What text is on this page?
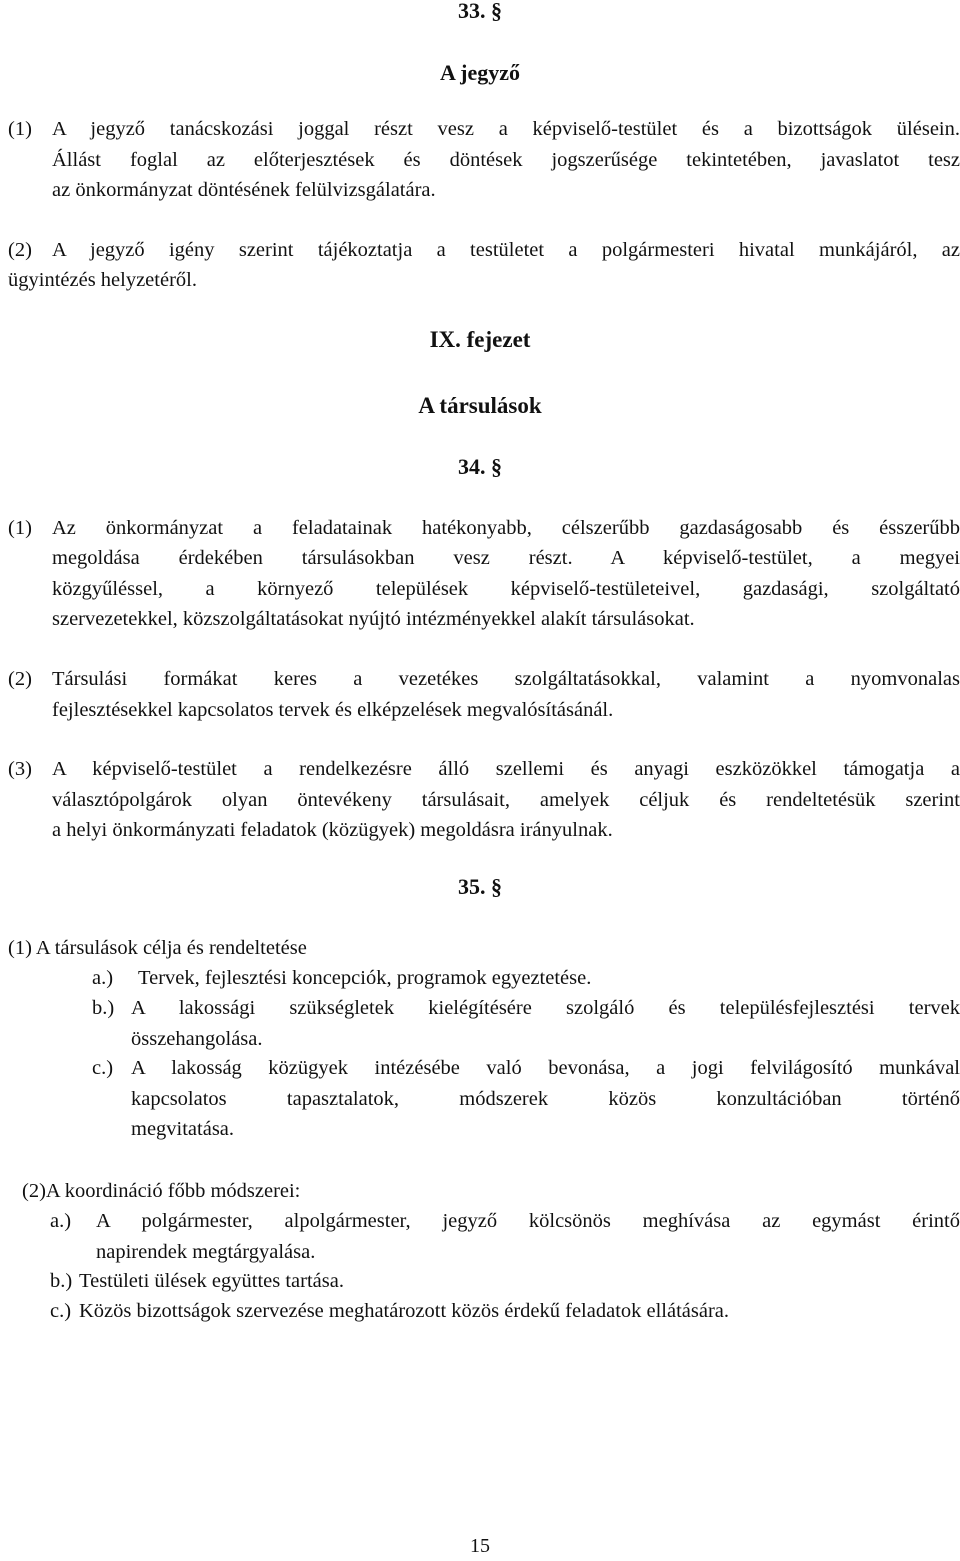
33. §
A jegyző
(1) A jegyző tanácskozási joggal részt vesz a képviselő-testület és a bizottságok ülésein.
Állást foglal az előterjesztések és döntések jogszerűsége tekintetében, javaslatot tesz
az önkormányzat döntésének felülvizsgálatára.
(2) A jegyző igény szerint tájékoztatja a testületet a polgármesteri hivatal munkájáról, az
ügyintézés helyzetéről.
IX. fejezet
A társulások
34. §
(1) Az önkormányzat a feladatainak hatékonyabb, célszerűbb gazdaságosabb és ésszerűbb
megoldása érdekében társulásokban vesz részt. A képviselő-testület, a megyei
közgyűléssel, a környező települések képviselő-testületeivel, gazdasági, szolgáltató
szervezetekkel, közszolgáltatásokat nyújtó intézményekkel alakít társulásokat.
(2) Társulási formákat keres a vezetékes szolgáltatásokkal, valamint a nyomvonalas
fejlesztésekkel kapcsolatos tervek és elképzelések megvalósításánál.
(3) A képviselő-testület a rendelkezésre álló szellemi és anyagi eszközökkel támogatja a
választópolgárok olyan öntevékeny társulásait, amelyek céljuk és rendeltetésük szerint
a helyi önkormányzati feladatok (közügyek) megoldásra irányulnak.
35. §
(1) A társulások célja és rendeltetése
a.) Tervek, fejlesztési koncepciók, programok egyeztetése.
b.) A lakossági szükségletek kielégítésére szolgáló és településfejlesztési tervek
összehangolása.
c.) A lakosság közügyek intézésébe való bevonása, a jogi felvilágosító munkával
kapcsolatos tapasztalatok, módszerek közös konzultációban történő
megvitatása.
(2)A koordináció főbb módszerei:
a.) A polgármester, alpolgármester, jegyző kölcsönös meghívása az egymást érintő
napirendek megtárgyalása.
b.) Testületi ülések együttes tartása.
c.) Közös bizottságok szervezése meghatározott közös érdekű feladatok ellátására.
15
